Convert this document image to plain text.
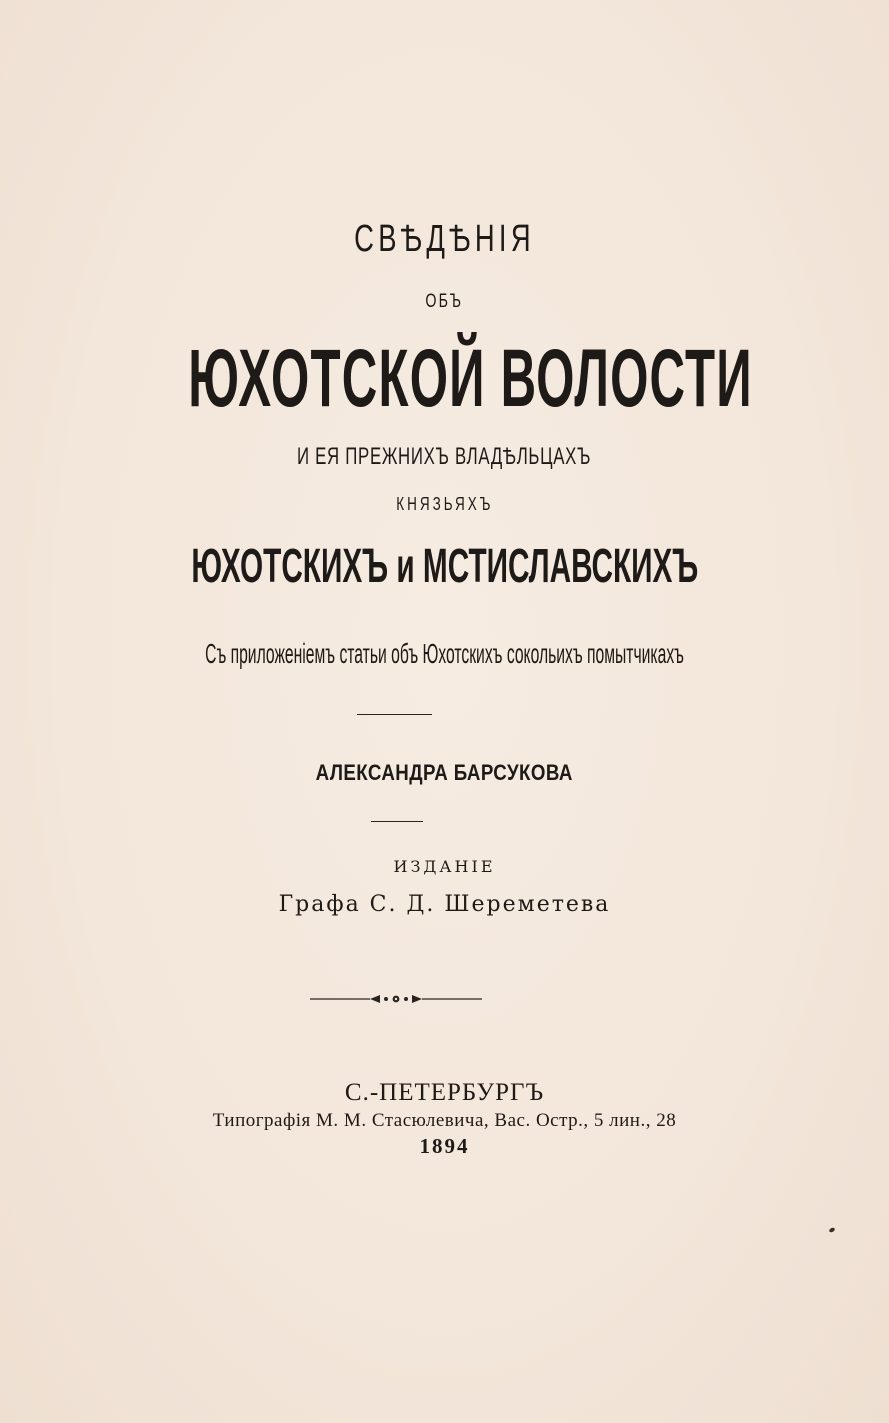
СВѢДѢНІЯ
ОБЪ
ЮХОТСКОЙ ВОЛОСТИ
И ЕЯ ПРЕЖНИХЪ ВЛАДѢЛЬЦАХЪ
КНЯЗЬЯХЪ
ЮХОТСКИХЪ и МСТИСЛАВСКИХЪ
Съ приложеніемъ статьи объ Юхотскихъ сокольихъ помытчикахъ
АЛЕКСАНДРА БАРСУКОВА
ИЗДАНІЕ
Графа С. Д. Шереметева
С.-ПЕТЕРБУРГЪ
Типографія М. М. Стасюлевича, Вас. Остр., 5 лин., 28
1894
